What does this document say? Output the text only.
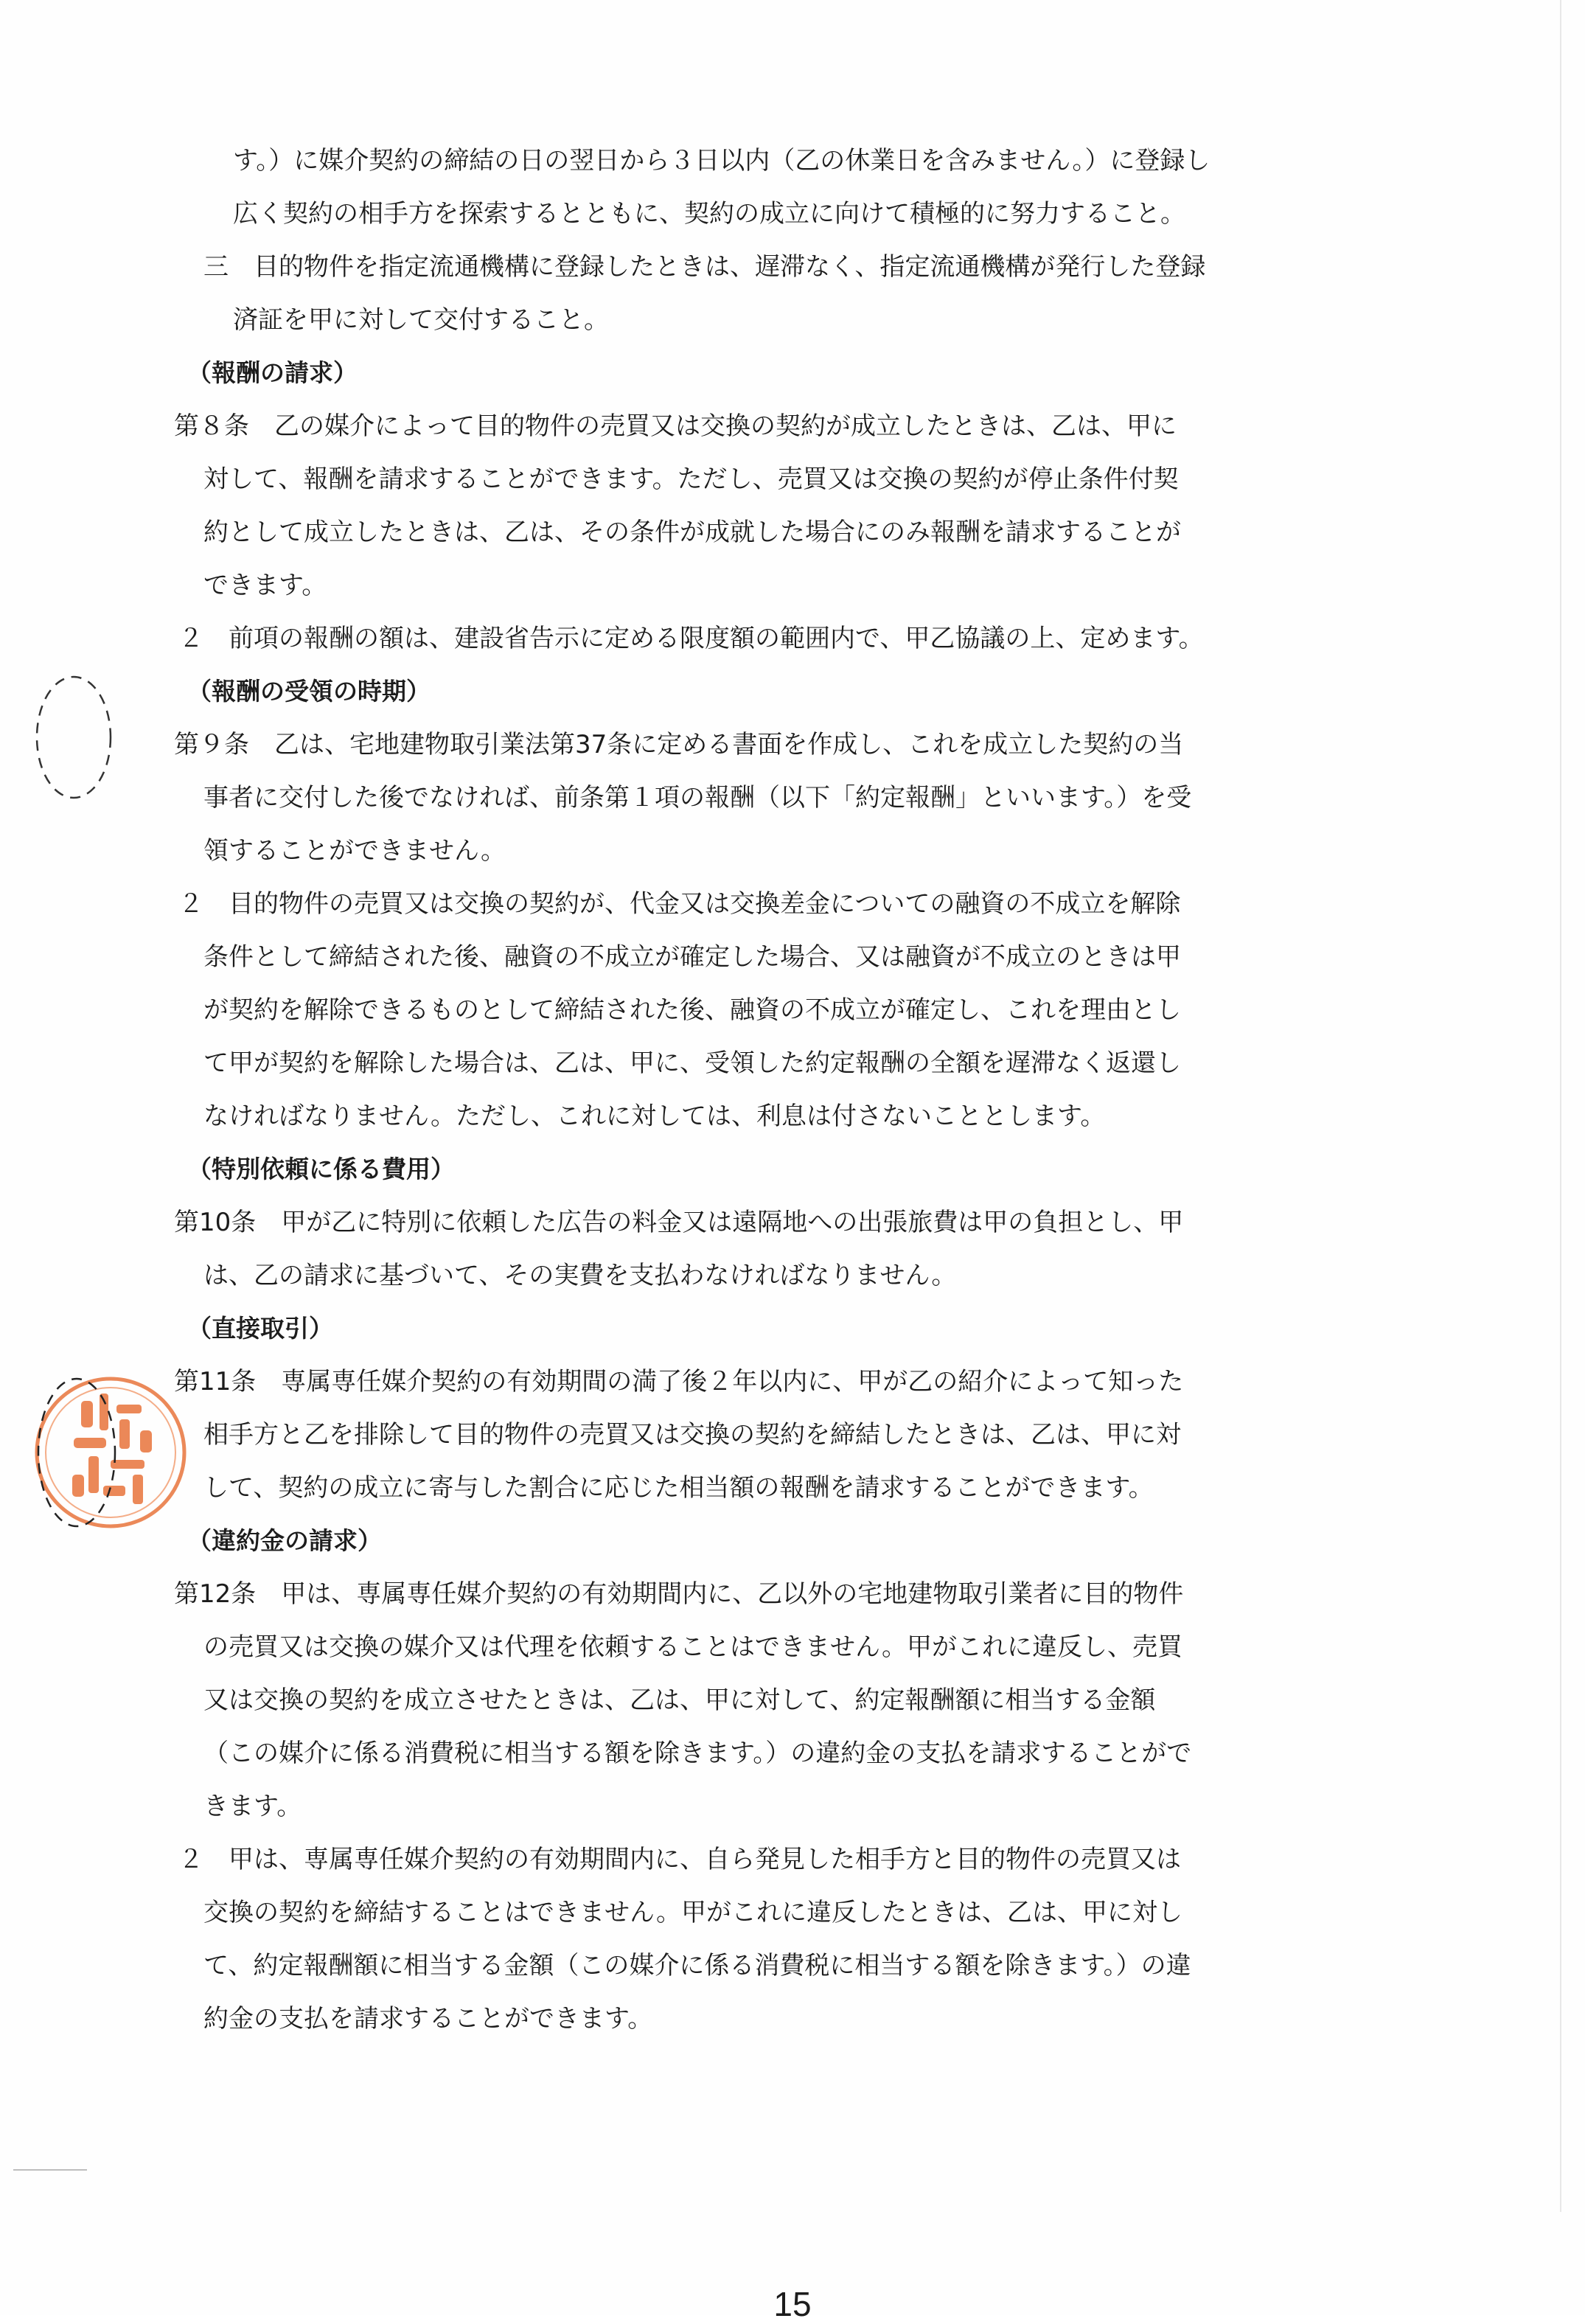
す。）に媒介契約の締結の日の翌日から３日以内（乙の休業日を含みません。）に登録し
広く契約の相手方を探索するとともに、契約の成立に向けて積極的に努力すること。
三　目的物件を指定流通機構に登録したときは、遅滞なく、指定流通機構が発行した登録
済証を甲に対して交付すること。
（報酬の請求）
第８条　乙の媒介によって目的物件の売買又は交換の契約が成立したときは、乙は、甲に
対して、報酬を請求することができます。ただし、売買又は交換の契約が停止条件付契
約として成立したときは、乙は、その条件が成就した場合にのみ報酬を請求することが
できます。
２　前項の報酬の額は、建設省告示に定める限度額の範囲内で、甲乙協議の上、定めます。
（報酬の受領の時期）
第９条　乙は、宅地建物取引業法第37条に定める書面を作成し、これを成立した契約の当
事者に交付した後でなければ、前条第１項の報酬（以下「約定報酬」といいます。）を受
領することができません。
２　目的物件の売買又は交換の契約が、代金又は交換差金についての融資の不成立を解除
条件として締結された後、融資の不成立が確定した場合、又は融資が不成立のときは甲
が契約を解除できるものとして締結された後、融資の不成立が確定し、これを理由とし
て甲が契約を解除した場合は、乙は、甲に、受領した約定報酬の全額を遅滞なく返還し
なければなりません。ただし、これに対しては、利息は付さないこととします。
（特別依頼に係る費用）
第10条　甲が乙に特別に依頼した広告の料金又は遠隔地への出張旅費は甲の負担とし、甲
は、乙の請求に基づいて、その実費を支払わなければなりません。
（直接取引）
第11条　専属専任媒介契約の有効期間の満了後２年以内に、甲が乙の紹介によって知った
相手方と乙を排除して目的物件の売買又は交換の契約を締結したときは、乙は、甲に対
して、契約の成立に寄与した割合に応じた相当額の報酬を請求することができます。
（違約金の請求）
第12条　甲は、専属専任媒介契約の有効期間内に、乙以外の宅地建物取引業者に目的物件
の売買又は交換の媒介又は代理を依頼することはできません。甲がこれに違反し、売買
又は交換の契約を成立させたときは、乙は、甲に対して、約定報酬額に相当する金額
（この媒介に係る消費税に相当する額を除きます。）の違約金の支払を請求することがで
きます。
２　甲は、専属専任媒介契約の有効期間内に、自ら発見した相手方と目的物件の売買又は
交換の契約を締結することはできません。甲がこれに違反したときは、乙は、甲に対し
て、約定報酬額に相当する金額（この媒介に係る消費税に相当する額を除きます。）の違
約金の支払を請求することができます。
15
